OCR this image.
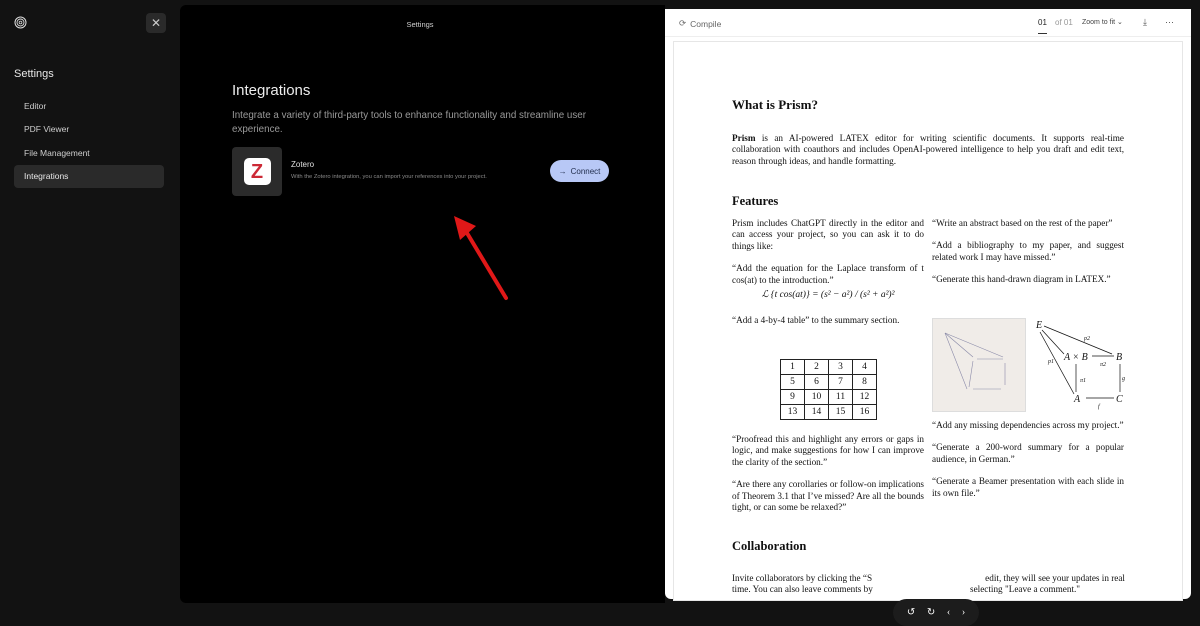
✕
Settings
Editor
PDF Viewer
File Management
Integrations
Settings
Integrations
Integrate a variety of third-party tools to enhance functionality and streamline user experience.
Z	Zotero
With the Zotero integration, you can import your references into your project.
→ Connect
⟳ Compile	01 of 01 Zoom to fit ⌄ ⤓	⋯
What is Prism?
Prism is an AI-powered LATEX editor for writing scientific documents. It supports real-time collaboration with coauthors and includes OpenAI-powered intelligence to help you draft and edit text, reason through ideas, and handle formatting.
Features

Prism includes ChatGPT directly in the editor and can access your project, so you can ask it to do things like:

“Add the equation for the Laplace transform of t cos(at) to the introduction.”

ℒ {t cos(at)} = (s² − a²) / (s² + a²)²

“Add a 4-by-4 table” to the summary section.

1	2	3	4
5	6	7	8
9	10	11	12
13	14	15	16

“Proofread this and highlight any errors or gaps in logic, and make suggestions for how I can improve the clarity of the section.”

“Are there any corollaries or follow-on implications of Theorem 3.1 that I’ve missed? Are all the bounds tight, or can some be relaxed?”

“Write an abstract based on the rest of the paper”

“Add a bibliography to my paper, and suggest related work I may have missed.”

“Generate this hand-drawn diagram in LATEX.”

E
A × B	B
A	C
p2
p1
π1
π2
f
g

“Add any missing dependencies across my project.”

“Generate a 200-word summary for a popular audience, in German.”

“Generate a Beamer presentation with each slide in its own file.”

Collaboration
Invite collaborators by clicking the “S
time. You can also leave comments by
edit, they will see your updates in real
selecting "Leave a comment."
↺ ↻ ‹ ›
